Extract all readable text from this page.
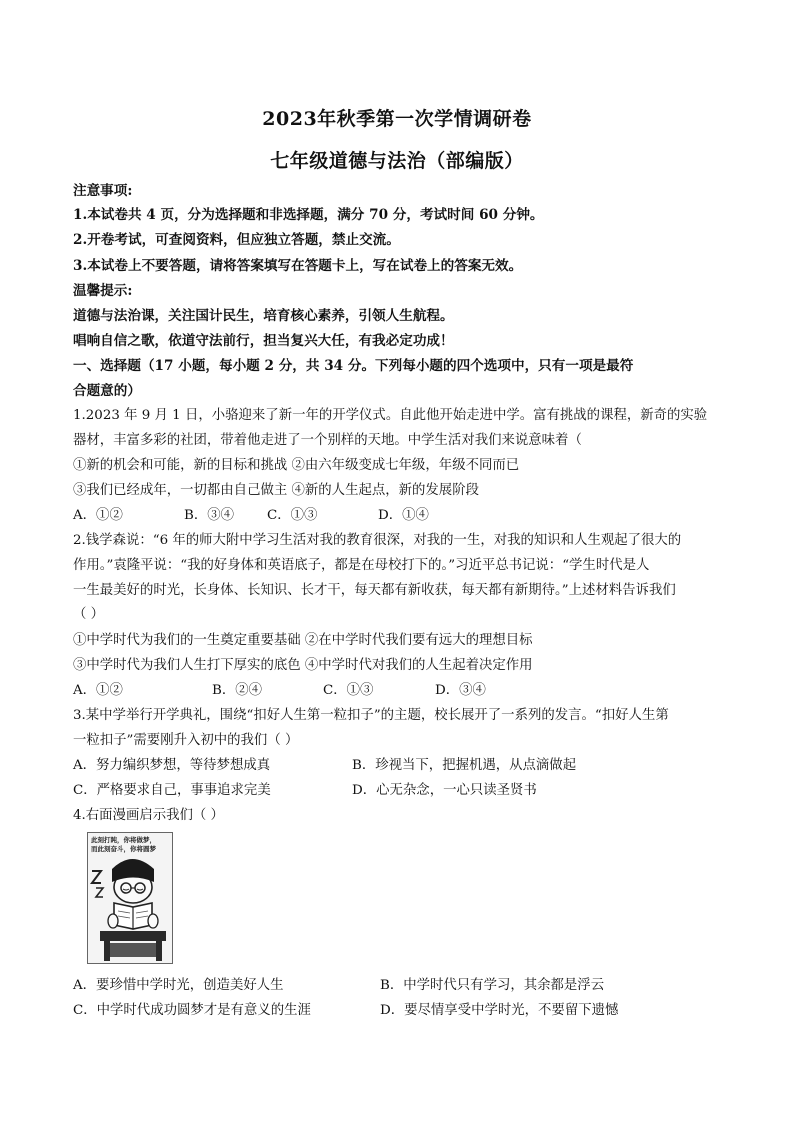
2023年秋季第一次学情调研卷
七年级道德与法治（部编版）
注意事项:
1.本试卷共 4 页，分为选择题和非选择题，满分 70 分，考试时间 60 分钟。
2.开卷考试，可查阅资料，但应独立答题，禁止交流。
3.本试卷上不要答题，请将答案填写在答题卡上，写在试卷上的答案无效。
温馨提示:
道德与法治课，关注国计民生，培育核心素养，引领人生航程。
唱响自信之歌，依道守法前行，担当复兴大任，有我必定功成！
一、选择题（17 小题，每小题 2 分，共 34 分。下列每小题的四个选项中，只有一项是最符
合题意的）
1.2023 年 9 月 1 日，小骆迎来了新一年的开学仪式。自此他开始走进中学。富有挑战的课程，新奇的实验
器材，丰富多彩的社团，带着他走进了一个别样的天地。中学生活对我们来说意味着（
①新的机会和可能，新的目标和挑战 ②由六年级变成七年级，年级不同而已
③我们已经成年，一切都由自己做主 ④新的人生起点，新的发展阶段
A．①②	B．③④ C．①③	D．①④
2.钱学森说：“6 年的师大附中学习生活对我的教育很深，对我的一生，对我的知识和人生观起了很大的
作用。”袁隆平说：“我的好身体和英语底子，都是在母校打下的。”习近平总书记说：“学生时代是人
一生最美好的时光，长身体、长知识、长才干，每天都有新收获，每天都有新期待。”上述材料告诉我们
（ ）
①中学时代为我们的一生奠定重要基础 ②在中学时代我们要有远大的理想目标
③中学时代为我们人生打下厚实的底色 ④中学时代对我们的人生起着决定作用
A．①②	B．②④	C．①③	D．③④
3.某中学举行开学典礼，围绕“扣好人生第一粒扣子”的主题，校长展开了一系列的发言。“扣好人生第
一粒扣子”需要刚升入初中的我们（ ）
A．努力编织梦想，等待梦想成真	B．珍视当下，把握机遇，从点滴做起
C．严格要求自己，事事追求完美	D．心无杂念，一心只读圣贤书
4.右面漫画启示我们（ ）
此刻打盹，你将做梦，
而此刻奋斗，你将圆梦
A．要珍惜中学时光，创造美好人生	B．中学时代只有学习，其余都是浮云
C．中学时代成功圆梦才是有意义的生涯	D．要尽情享受中学时光，不要留下遗憾
